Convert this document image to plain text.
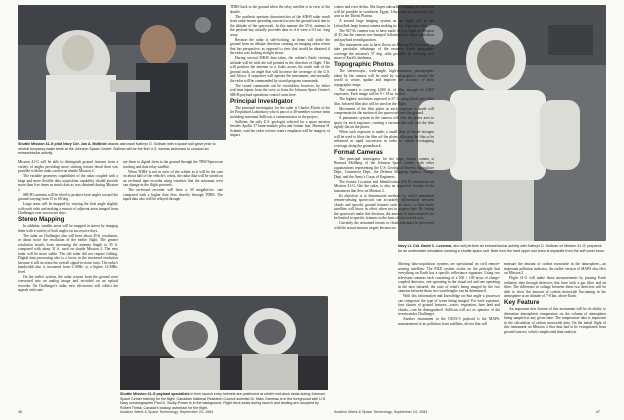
Shuttle Mission 41-G pilot Navy Cdr. Jon A. McBride assists astronaut Kathryn D. Sullivan with a space suit glove prior to neutral buoyancy water tests at the Johnson Space Center. Sullivan will be the first U.S. woman astronaut to conduct an extravehicular activity.
Shuttle Mission 41-G payload specialists in their launch entry helmets are positioned at orbiter mid-deck seats during Johnson Space Center training for the flight. Canadian National Research Council scientist Dr. Marc Garneau is in the foreground with U.S. Navy oceanographer Paul D. Scully-Power is in the background. Flight deck seats during launch and landing are occupied by Robert Thirsk, Canada's backup astronaut for the flight.
Navy Lt. Cdr. David C. Leestma, who will perform an extravehicular activity with Kathryn D. Sullivan on Mission 41-G, prepares for an underwater simulation wearing a shuttle space suit. Note how the hard upper suit torso is separate from the soft lower torso.

Mission 41-G will be able to distinguish ground features from a variety of angles providing more striking terrain detail than was possible with the radar carried on shuttle Mission 2.

The variable geometry capabilities of the radar coupled with a large and more flexible data acquisition capability should provide more than five times as much data as was obtained during Mission 2.

SIR-B's antenna will be tilted to produce look angles toward the ground varying from 15 to 60 deg.

Large areas will be mapped by varying the look angle slightly with each orbit and making a mosaic of adjacent areas imaged from Challenger over successive days.

Stereo Mapping

In addition, smaller areas will be mapped in stereo by imaging them with a variety of look angles on successive days.

The radar on Challenger also will have about 45-ft. resolution, or about twice the resolution of the earlier flight. The greater resolution results from increasing the antenna length to 35 ft. compared with about 31 ft. used on shuttle Mission 2. The new radar will be more stable. The old radar did not require folding. Digital data processing also is a factor in the increased resolution because it will increase the overall signal-to-noise ratio. The radar's bandwidth also is increased from 6 MHz. to a higher 12-MHz. level.

On the earlier system, the radar returns from the ground were converted into an analog image and recorded on an optical recorder. On Challenger's radar, new electronics will collect the signals and route

net them to digital form to the ground through the TRW/Spacecom tracking and data relay satellite.

When TDRS is not in view of the orbiter as it will be the case on about half of the vehicle's orbits, the radar data will be stored on an on-board tape recorder using cassettes that the astronaut crew can change as the flight proceeds.

The on-board recorder will have a 30 megabit/sec. rate compared with a higher data flow directly through TDRS. The taped data also will be relayed through

TDRS back to the ground when the relay satellite is in view of the shuttle.

The synthetic aperture characteristics of the SIR-B radar result from radar beams spreading outward across the ground track due to the altitude of the spacecraft. In this manner the 35-ft. antenna in the payload bay actually provides data as if it were a 9.3 mi. long array.

Because the radar is side-looking, its beam will strike the ground from an oblique direction creating an imaging radar return that has perspective, as opposed to view that would be obtained if the radar was looking straight down.

During several SIR-B data takes, the orbiter's Earth viewing attitude will be with the tail pointed in the direction of flight. This will position the antenna so it looks across the south side of the ground track, an angle that will increase the coverage of the U.S. and Africa. A sequencer will operate the instrument, and normally the radar will be commanded by stored program commands.

The stored commands can be overridden, however, by either real-time inputs from the crew or from the Johnson Space Center's SIR-B payload operations control room here.

Principal Investigator

The principal investigator for the radar is Charles Elachi of the Jet Propulsion Laboratory who is part of a 40-member science team including astronaut Sullivan, a communicator in the project.

Sullivan, the only U.S. geologist selected for a space mission besides Apollo 17 lunar-module pilot and former Sen. Harrison H. Schmitt, said her radar science team's emphasis will be imagery of impact

craters and river deltas. She hopes subsurface imaging by the radar will be possible in southwest Egypt, Libya and an especially arid area in the Tibesti Plateau.

A second large imaging system on the flight will be the Litton/Itek large format camera making its first flight into orbit.

The 947-lb. camera was to have made its first flight on Mission 41-D, but the camera was bumped following that flight's pad abort and payload reconfiguration.

The instrument was to have flown on Mission 41-G anyway to take particular advantage of the resource Earth geographic coverage the mission's 57 deg. orbit provides by massing over more of Earth's landmass.

Topographic Photos

The stereoscopic, wide-angle, high-resolution photographic taken by the camera will be used by cartographers around the world to create, update and improve the accuracy of their topographic maps.

The camera is carrying 4,000 ft. of film, enough for 2,400 exposures. Each image will be 9 × 18 in. in size.

The highest resolution expected is 67 ft. using black and white film. Infrared film also will be used on the flight.

Movement of the film plates as each exposure is made will compensate for the motion of the spacecraft over the ground.

A pneumatic system in the camera will vent the plates area to space for each exposure, creating a vacuum that will suck the film tightly flat on the plates.

When such exposure is made, a small blast of stored nitrogen will be used to blow the film off the plates, allowing the film to be advanced in rapid succession in order to obtain overlapping coverage along the groundtrack.

Format Cameras

The principal investigator for the large format camera is Bernard Mollberg of the Johnson Space Center, with other organizations representing the U.S. Geological Survey, Agriculture Dept., Commerce Dept., the Defense Mapping Agency, Energy Dept. and the Army's Corps of Engineers.

The feature Location and Identification (FILE) instrument on Mission 41-G, like the radar, is also an improved version of the instrument that flew on Mission 2.

Its objective is to demonstrate methods by which unmanned remote-sensing spacecraft can accurately differentiate between clouds and specific ground features such as snow, so that future satellites will know in effect when not to acquire data. By letting the spacecraft make this decision, the amount of data returned can be limited to specific features in the least cloud covered area.

Currently the unwanted terrain or cloud data must be processed with the actual mission targets because no

filtering data-acquisition systems are operational on civil remote-sensing satellites. The FILE system works on the principle that everything on Earth has a specific reflectance signature. Using two television cameras each consisting of a 100 × 100 array of charge-coupled detectors, one operating in the visual red and one operating in the near infrared, the ratio of what's being imaged by the two cameras between those two wavelengths can be determined.

With this information and knowledge on Sun angle a processor can categorize the type of scene being imaged. For each exposure, four classes of ground features—water, vegetation, bare land and clouds—can be distinguished. Sullivan will act as operator of the terrain under Challenger.

Another instrument in the OSTA-3 payload is the MAPS, measurement of air pollution from satellites, device that will

measure the amount of carbon monoxide in the atmosphere—an important pollution indicator. An earlier version of MAPS also flew on Mission 2.

Flight 41-G will make those measurements by passing Earth radiation data through detectors that have both a gas filter and an filter. The difference in voltage between these two detectors will be able to show the amount of carbon monoxide fluctuating in the atmosphere at an altitude of 7-8 km. above Earth.

Key Feature

An important new feature of this instrument will be its ability to determine atmospheric temperature on the column of atmosphere being sampled at any given time. The temperature data is important in the calculation of carbon monoxide data. On the initial flight of this instrument on Mission 2 that data had to be extrapolated from ground sources, which complicated data analysis.

46	Aviation Week & Space Technology, September 24, 1984	Aviation Week & Space Technology, September 24, 1984	47
